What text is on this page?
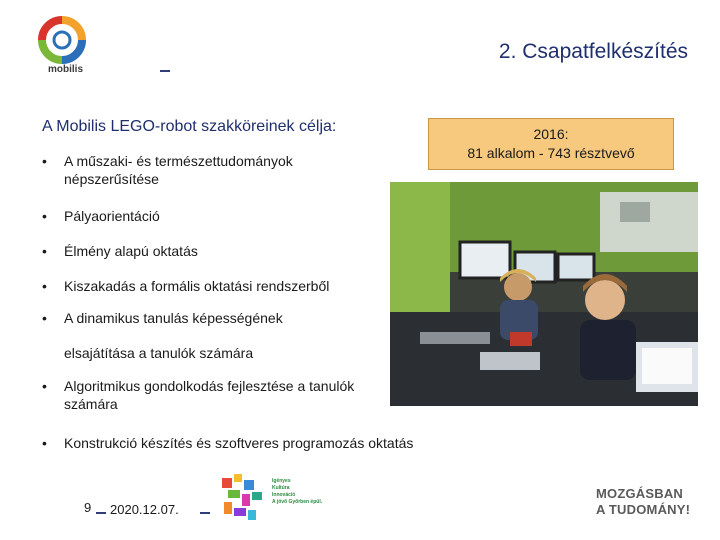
mobilis
2. Csapatfelkészítés
A Mobilis LEGO-robot szakköreinek célja:
•	A műszaki- és természettudományok népszerűsítése
•	Pályaorientáció
•	Élmény alapú oktatás
•	Kiszakadás a formális oktatási rendszerből
•	A dinamikus tanulás képességének
•	Algoritmikus gondolkodás fejlesztése a tanulók számára
•	Konstrukció készítés és szoftveres programozás oktatás
elsajátítása a tanulók számára
2016:
81 alkalom - 743 résztvevő
9 2020.12.07.
Igényes
Kultúra
Innováció
A jövő Győrben épül.
MOZGÁSBAN
A TUDOMÁNY!
